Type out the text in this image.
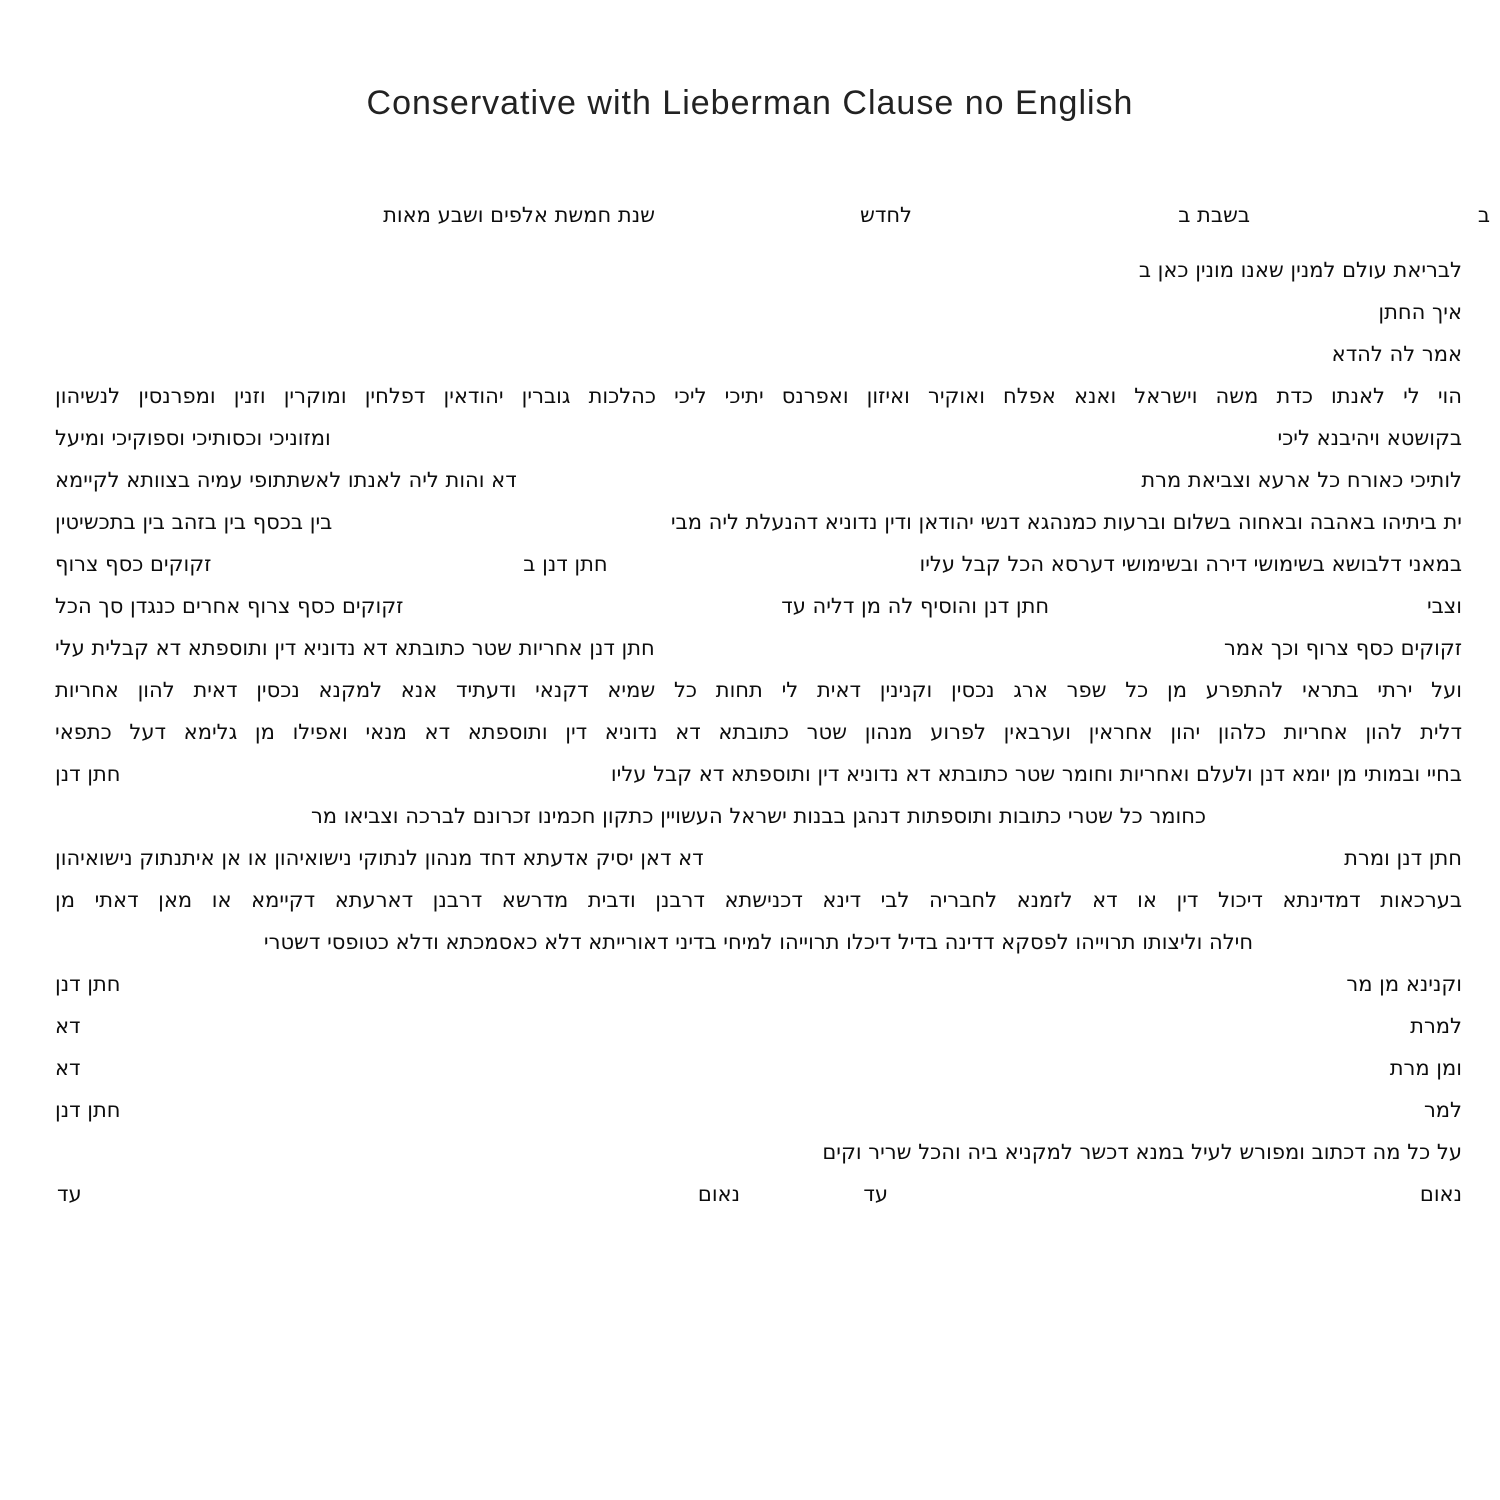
Conservative with Lieberman Clause no English
ב
בשבת ב
לחדש
שנת חמשת אלפים ושבע מאות
לבריאת עולם למנין שאנו מונין כאן ב
איך החתן
אמר לה להדא
הוי לי לאנתו כדת משה וישראל ואנא אפלח ואוקיר ואיזון ואפרנס יתיכי ליכי כהלכות גוברין יהודאין דפלחין ומוקרין וזנין ומפרנסין לנשיהון
בקושטא ויהיבנא ליכי
ומזוניכי וכסותיכי וספוקיכי ומיעל
לותיכי כאורח כל ארעא וצביאת מרת
דא והות ליה לאנתו לאשתתופי עמיה בצוותא לקיימא
ית ביתיהו באהבה ובאחוה בשלום וברעות כמנהגא דנשי יהודאן ודין נדוניא דהנעלת ליה מבי
בין בכסף בין בזהב בין בתכשיטין
במאני דלבושא בשימושי דירה ובשימושי דערסא הכל קבל עליו
חתן דנן ב
זקוקים כסף צרוף
וצבי
חתן דנן והוסיף לה מן דליה עד
זקוקים כסף צרוף אחרים כנגדן סך הכל
זקוקים כסף צרוף וכך אמר
חתן דנן אחריות שטר כתובתא דא נדוניא דין ותוספתא דא קבלית עלי
ועל ירתי בתראי להתפרע מן כל שפר ארג נכסין וקנינין דאית לי תחות כל שמיא דקנאי ודעתיד אנא למקנא נכסין דאית להון אחריות
דלית להון אחריות כלהון יהון אחראין וערבאין לפרוע מנהון שטר כתובתא דא נדוניא דין ותוספתא דא מנאי ואפילו מן גלימא דעל כתפאי
בחיי ובמותי מן יומא דנן ולעלם ואחריות וחומר שטר כתובתא דא נדוניא דין ותוספתא דא קבל עליו
חתן דנן
כחומר כל שטרי כתובות ותוספתות דנהגן בבנות ישראל העשויין כתקון חכמינו זכרונם לברכה וצביאו מר
חתן דנן ומרת
דא דאן יסיק אדעתא דחד מנהון לנתוקי נישואיהון או אן איתנתוק נישואיהון
בערכאות דמדינתא דיכול דין או דא לזמנא לחבריה לבי דינא דכנישתא דרבנן ודבית מדרשא דרבנן דארעתא דקיימא או מאן דאתי מן
חילה וליצותו תרוייהו לפסקא דדינה בדיל דיכלו תרוייהו למיחי בדיני דאורייתא דלא כאסמכתא ודלא כטופסי דשטרי
וקנינא מן מר
חתן דנן
למרת
דא
ומן מרת
דא
למר
חתן דנן
על כל מה דכתוב ומפורש לעיל במנא דכשר למקניא ביה והכל שריר וקים
נאום
עד
נאום
עד
